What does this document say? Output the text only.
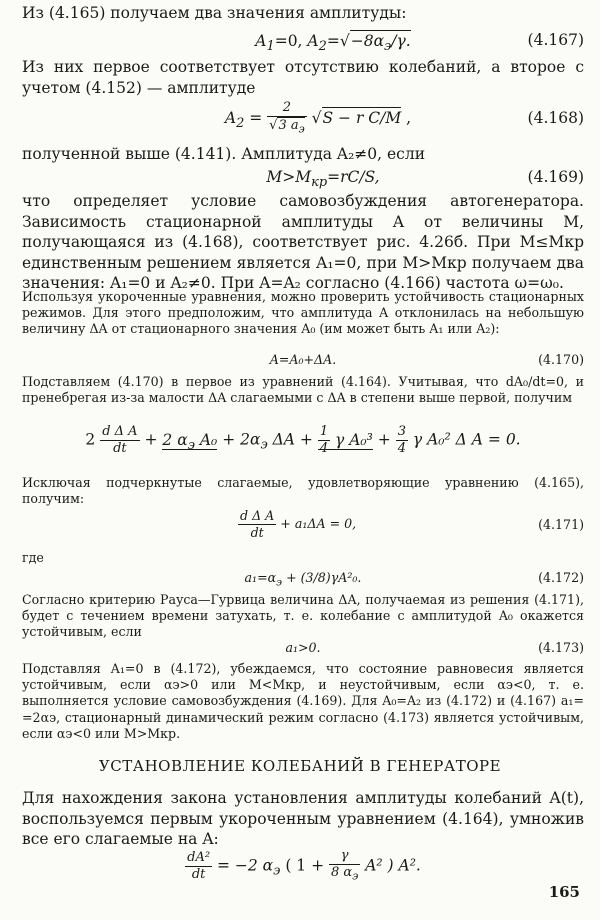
Из (4.165) получаем два значения амплитуды:

$A_1=0$, $A_2=√-8\alpha_э/\gamma$.	(4.167)

Из них первое соответствует отсутствию колебаний, а второе с учетом (4.152) — амплитуде

$A_2 = \frac{2}{√3 a_э} √S - r$ C/M ,	(4.168)

полученной выше (4.141). Амплитуда A₂≠0, если

$M>M_{кр}=rC/S$,	(4.169)

что определяет условие самовозбуждения автогенератора. Зависимость стационарной амплитуды A от величины M, получающаяся из (4.168), соответствует рис. 4.26б. При M≤Mкр единственным решением является A₁=0, при M>Mкр получаем два значения: A₁=0 и A₂≠0. При A=A₂ согласно (4.166) частота ω=ω₀.

Используя укороченные уравнения, можно проверить устойчивость стационарных режимов. Для этого предположим, что амплитуда A отклонилась на небольшую величину ΔA от стационарного значения A₀ (им может быть A₁ или A₂):

A=A₀+ΔA.	(4.170)

Подставляем (4.170) в первое из уравнений (4.164). Учитывая, что dA₀/dt=0, и пренебрегая из-за малости ΔA слагаемыми с ΔA в степени выше первой, получим

$2 \frac{\text{d Δ A}}{dt} + 2$ $\alpha_э$ $A_0 + 2\alpha_э$ $\Delta A + \frac{1}{4}$ γ $A_0^3 + \frac{3}{4}$ γ A₀² Δ A = 0.

Исключая подчеркнутые слагаемые, удовлетворяющие уравнению (4.165), получим:

$\frac{\text{d Δ A}}{dt} + a_1\Delta A = 0$,	(4.171)

где

$a_1=\alpha_э + (3/8)\gamma A^2_0$.	(4.172)

Согласно критерию Рауса—Гурвица величина ΔA, получаемая из решения (4.171), будет с течением времени затухать, т. е. колебание с амплитудой A₀ окажется устойчивым, если

a₁>0.	(4.173)

Подставляя A₁=0 в (4.172), убеждаемся, что состояние равновесия является устойчивым, если αэ>0 или M<Mкр, и неустойчивым, если αэ<0, т. е. выполняется условие самовозбуждения (4.169). Для A₀=A₂ из (4.172) и (4.167) a₁= =2αэ, стационарный динамический режим согласно (4.173) является устойчивым, если αэ<0 или M>Mкр.

УСТАНОВЛЕНИЕ КОЛЕБАНИЙ В ГЕНЕРАТОРЕ

Для нахождения закона установления амплитуды колебаний A(t), воспользуемся первым укороченным уравнением (4.164), умножив все его слагаемые на A:

$\frac{\text{dA²}}{dt} = -2$ $\alpha_э$ ( $1 + \frac{\gamma}{8 \alpha_э} A^2$ ) A².
165
